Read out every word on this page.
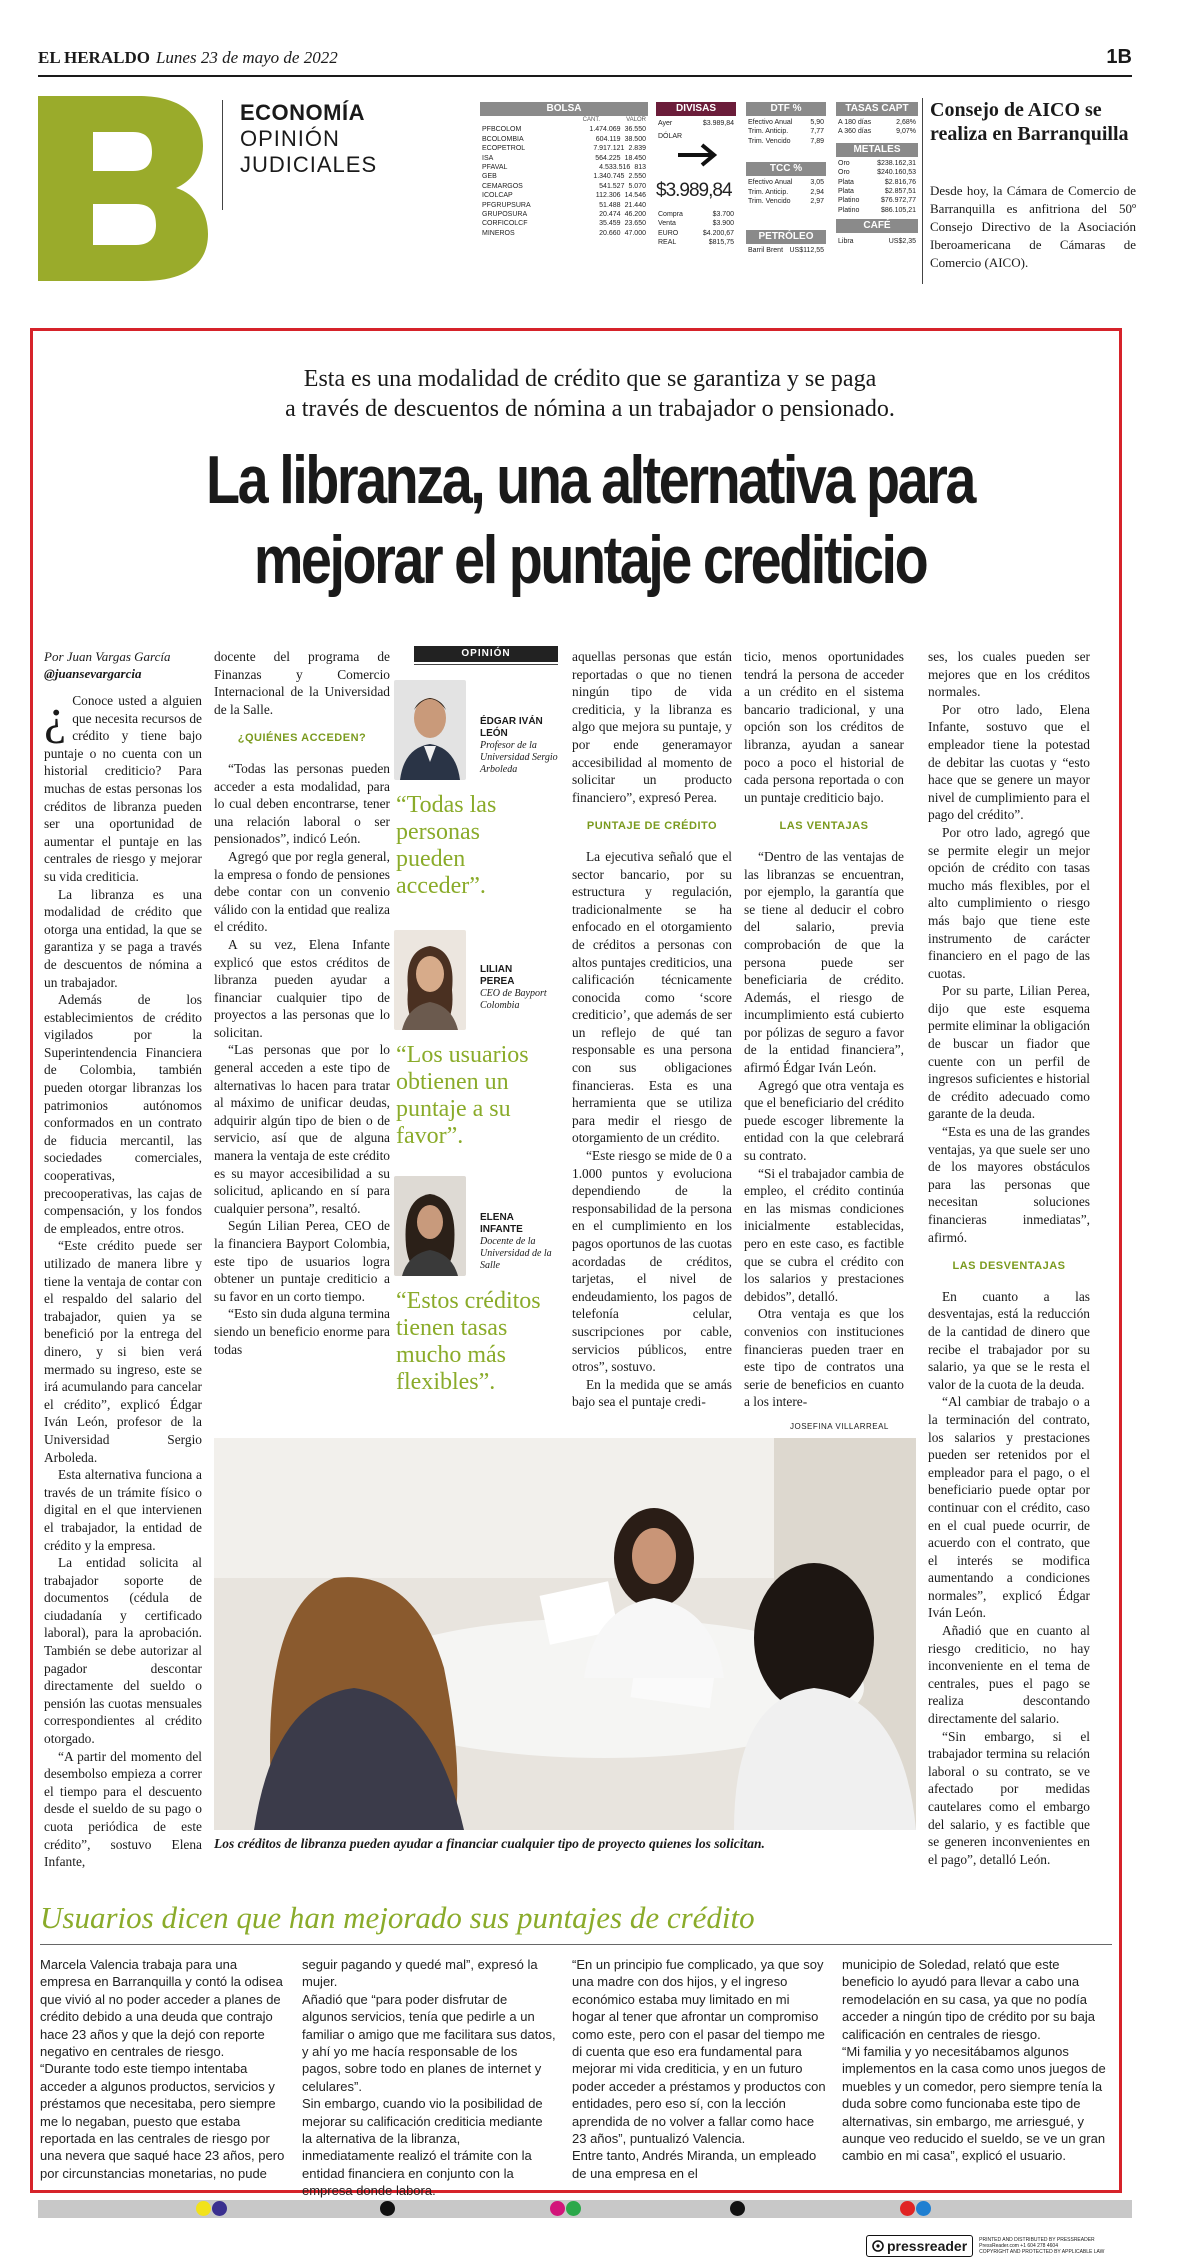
EL HERALDO Lunes 23 de mayo de 2022	1B
ECONOMÍA
OPINIÓN
JUDICIALES
BOLSA
CANT.	VALOR
PFBCOLOM	1.474.069 36.550
BCOLOMBIA	604.119 38.500
ECOPETROL	7.917.121 2.839
ISA	564.225 18.450
PFAVAL	4.533.516 813
GEB	1.340.745 2.550
CEMARGOS	541.527 5.070
ICOLCAP	112.306 14.546
PFGRUPSURA	51.488 21.440
GRUPOSURA	20.474 46.200
CORFICOLCF	35.459 23.650
MINEROS	20.660 47.000
DIVISAS
Ayer	$3.989,84
DÓLAR
$3.989,84
Compra	$3.700
Venta	$3.900
EURO	$4.200,67
REAL	$815,75
DTF %
Efectivo Anual	5,90
Trim. Anticip.	7,77
Trim. Vencido	7,89
TCC %
Efectivo Anual	3,05
Trim. Anticip.	2,94
Trim. Vencido	2,97
PETRÓLEO
Barril Brent US$112,55
TASAS CAPT
A 180 días	2,68%
A 360 días	9,07%
METALES
Oro	$238.162,31
Oro	$240.160,53
Plata	$2.816,76
Plata	$2.857,51
Platino	$76.972,77
Platino	$86.105,21
CAFÉ
Libra	US$2,35
Consejo de AICO se realiza en Barranquilla
Desde hoy, la Cámara de Comercio de Barranquilla es anfitriona del 50º Consejo Directivo de la Asociación Iberoamericana de Cámaras de Comercio (AICO).
Esta es una modalidad de crédito que se garantiza y se paga
a través de descuentos de nómina a un trabajador o pensionado.
La libranza, una alternativa para
mejorar el puntaje crediticio

Por Juan Vargas García

@juansevargarcia

¿ Conoce usted a alguien que necesita recursos de crédito y tiene bajo puntaje o no cuenta con un historial crediticio? Para muchas de estas personas los créditos de libranza pueden ser una oportunidad de aumentar el puntaje en las centrales de riesgo y mejorar su vida crediticia.

La libranza es una modalidad de crédito que otorga una entidad, la que se garantiza y se paga a través de descuentos de nómina a un trabajador.

Además de los establecimientos de crédito vigilados por la Superintendencia Financiera de Colombia, también pueden otorgar libranzas los patrimonios autónomos conformados en un contrato de fiducia mercantil, las sociedades comerciales, cooperativas, precooperativas, las cajas de compensación, y los fondos de empleados, entre otros.

“Este crédito puede ser utilizado de manera libre y tiene la ventaja de contar con el respaldo del salario del trabajador, quien ya se benefició por la entrega del dinero, y si bien verá mermado su ingreso, este se irá acumulando para cancelar el crédito”, explicó Édgar Iván León, profesor de la Universidad Sergio Arboleda.

Esta alternativa funciona a través de un trámite físico o digital en el que intervienen el trabajador, la entidad de crédito y la empresa.

La entidad solicita al trabajador soporte de documentos (cédula de ciudadanía y certificado laboral), para la aprobación. También se debe autorizar al pagador descontar directamente del sueldo o pensión las cuotas mensuales correspondientes al crédito otorgado.

“A partir del momento del desembolso empieza a correr el tiempo para el descuento desde el sueldo de su pago o cuota periódica de este crédito”, sostuvo Elena Infante,

docente del programa de Finanzas y Comercio Internacional de la Universidad de la Salle.

¿QUIÉNES ACCEDEN?

“Todas las personas pueden acceder a esta modalidad, para lo cual deben encontrarse, tener una relación laboral o ser pensionados”, indicó León.

Agregó que por regla general, la empresa o fondo de pensiones debe contar con un convenio válido con la entidad que realiza el crédito.

A su vez, Elena Infante explicó que estos créditos de libranza pueden ayudar a financiar cualquier tipo de proyectos a las personas que lo solicitan.

“Las personas que por lo general acceden a este tipo de alternativas lo hacen para tratar al máximo de unificar deudas, adquirir algún tipo de bien o de servicio, así que de alguna manera la ventaja de este crédito es su mayor accesibilidad a su solicitud, aplicando en sí para cualquier persona”, resaltó.

Según Lilian Perea, CEO de la financiera Bayport Colombia, este tipo de usuarios logra obtener un puntaje crediticio a su favor en un corto tiempo.

“Esto sin duda alguna termina siendo un beneficio enorme para todas

OPINIÓN
ÉDGAR IVÁN
LEÓN
Profesor de la Universidad Sergio Arboleda
“Todas las personas pueden acceder”.
LILIAN
PEREA
CEO de Bayport Colombia
“Los usuarios obtienen un puntaje a su favor”.
ELENA
INFANTE
Docente de la Universidad de la Salle
“Estos créditos tienen tasas mucho más flexibles”.

aquellas personas que están reportadas o que no tienen ningún tipo de vida crediticia, y la libranza es algo que mejora su puntaje, y por ende generamayor accesibilidad al momento de solicitar un producto financiero”, expresó Perea.

PUNTAJE DE CRÉDITO

La ejecutiva señaló que el sector bancario, por su estructura y regulación, tradicionalmente se ha enfocado en el otorgamiento de créditos a personas con altos puntajes crediticios, una calificación técnicamente conocida como ‘score crediticio’, que además de ser un reflejo de qué tan responsable es una persona con sus obligaciones financieras. Esta es una herramienta que se utiliza para medir el riesgo de otorgamiento de un crédito.

“Este riesgo se mide de 0 a 1.000 puntos y evoluciona dependiendo de la responsabilidad de la persona en el cumplimiento en los pagos oportunos de las cuotas acordadas de créditos, tarjetas, el nivel de endeudamiento, los pagos de telefonía celular, suscripciones por cable, servicios públicos, entre otros”, sostuvo.

En la medida que se amás bajo sea el puntaje credi-

ticio, menos oportunidades tendrá la persona de acceder a un crédito en el sistema bancario tradicional, y una opción son los créditos de libranza, ayudan a sanear poco a poco el historial de cada persona reportada o con un puntaje crediticio bajo.

LAS VENTAJAS

“Dentro de las ventajas de las libranzas se encuentran, por ejemplo, la garantía que se tiene al deducir el cobro del salario, previa comprobación de que la persona puede ser beneficiaria de crédito. Además, el riesgo de incumplimiento está cubierto por pólizas de seguro a favor de la entidad financiera”, afirmó Édgar Iván León.

Agregó que otra ventaja es que el beneficiario del crédito puede escoger libremente la entidad con la que celebrará su contrato.

“Si el trabajador cambia de empleo, el crédito continúa en las mismas condiciones inicialmente establecidas, pero en este caso, es factible que se cubra el crédito con los salarios y prestaciones debidos”, detalló.

Otra ventaja es que los convenios con instituciones financieras pueden traer en este tipo de contratos una serie de beneficios en cuanto a los intere-

ses, los cuales pueden ser mejores que en los créditos normales.

Por otro lado, Elena Infante, sostuvo que el empleador tiene la potestad de debitar las cuotas y “esto hace que se genere un mayor nivel de cumplimiento para el pago del crédito”.

Por otro lado, agregó que se permite elegir un mejor opción de crédito con tasas mucho más flexibles, por el alto cumplimiento o riesgo más bajo que tiene este instrumento de carácter financiero en el pago de las cuotas.

Por su parte, Lilian Perea, dijo que este esquema permite eliminar la obligación de buscar un fiador que cuente con un perfil de ingresos suficientes e historial de crédito adecuado como garante de la deuda.

“Esta es una de las grandes ventajas, ya que suele ser uno de los mayores obstáculos para las personas que necesitan soluciones financieras inmediatas”, afirmó.

LAS DESVENTAJAS

En cuanto a las desventajas, está la reducción de la cantidad de dinero que recibe el trabajador por su salario, ya que se le resta el valor de la cuota de la deuda.

“Al cambiar de trabajo o a la terminación del contrato, los salarios y prestaciones pueden ser retenidos por el empleador para el pago, o el beneficiario puede optar por continuar con el crédito, caso en el cual puede ocurrir, de acuerdo con el contrato, que el interés se modifica aumentando a condiciones normales”, explicó Édgar Iván León.

Añadió que en cuanto al riesgo crediticio, no hay inconveniente en el tema de centrales, pues el pago se realiza descontando directamente del salario.

“Sin embargo, si el trabajador termina su relación laboral o su contrato, se ve afectado por medidas cautelares como el embargo del salario, y es factible que se generen inconvenientes en el pago”, detalló León.

JOSEFINA VILLARREAL
Los créditos de libranza pueden ayudar a financiar cualquier tipo de proyecto quienes los solicitan.
Usuarios dicen que han mejorado sus puntajes de crédito

Marcela Valencia trabaja para una empresa en Barranquilla y contó la odisea que vivió al no poder acceder a planes de crédito debido a una deuda que contrajo hace 23 años y que la dejó con reporte negativo en centrales de riesgo.

“Durante todo este tiempo intentaba acceder a algunos productos, servicios y préstamos que necesitaba, pero siempre me lo negaban, puesto que estaba reportada en las centrales de riesgo por una nevera que saqué hace 23 años, pero por circunstancias monetarias, no pude

seguir pagando y quedé mal”, expresó la mujer.

Añadió que “para poder disfrutar de algunos servicios, tenía que pedirle a un familiar o amigo que me facilitara sus datos, y ahí yo me hacía responsable de los pagos, sobre todo en planes de internet y celulares”.

Sin embargo, cuando vio la posibilidad de mejorar su calificación crediticia mediante la alternativa de la libranza, inmediatamente realizó el trámite con la entidad financiera en conjunto con la empresa donde labora.

“En un principio fue complicado, ya que soy una madre con dos hijos, y el ingreso económico estaba muy limitado en mi hogar al tener que afrontar un compromiso como este, pero con el pasar del tiempo me di cuenta que eso era fundamental para mejorar mi vida crediticia, y en un futuro poder acceder a préstamos y productos con entidades, pero eso sí, con la lección aprendida de no volver a fallar como hace 23 años”, puntualizó Valencia.

Entre tanto, Andrés Miranda, un empleado de una empresa en el

municipio de Soledad, relató que este beneficio lo ayudó para llevar a cabo una remodelación en su casa, ya que no podía acceder a ningún tipo de crédito por su baja calificación en centrales de riesgo.

“Mi familia y yo necesitábamos algunos implementos en la casa como unos juegos de muebles y un comedor, pero siempre tenía la duda sobre como funcionaba este tipo de alternativas, sin embargo, me arriesgué, y aunque veo reducido el sueldo, se ve un gran cambio en mi casa”, explicó el usuario.

pressreader PRINTED AND DISTRIBUTED BY PRESSREADER
PressReader.com +1 604 278 4604
COPYRIGHT AND PROTECTED BY APPLICABLE LAW
